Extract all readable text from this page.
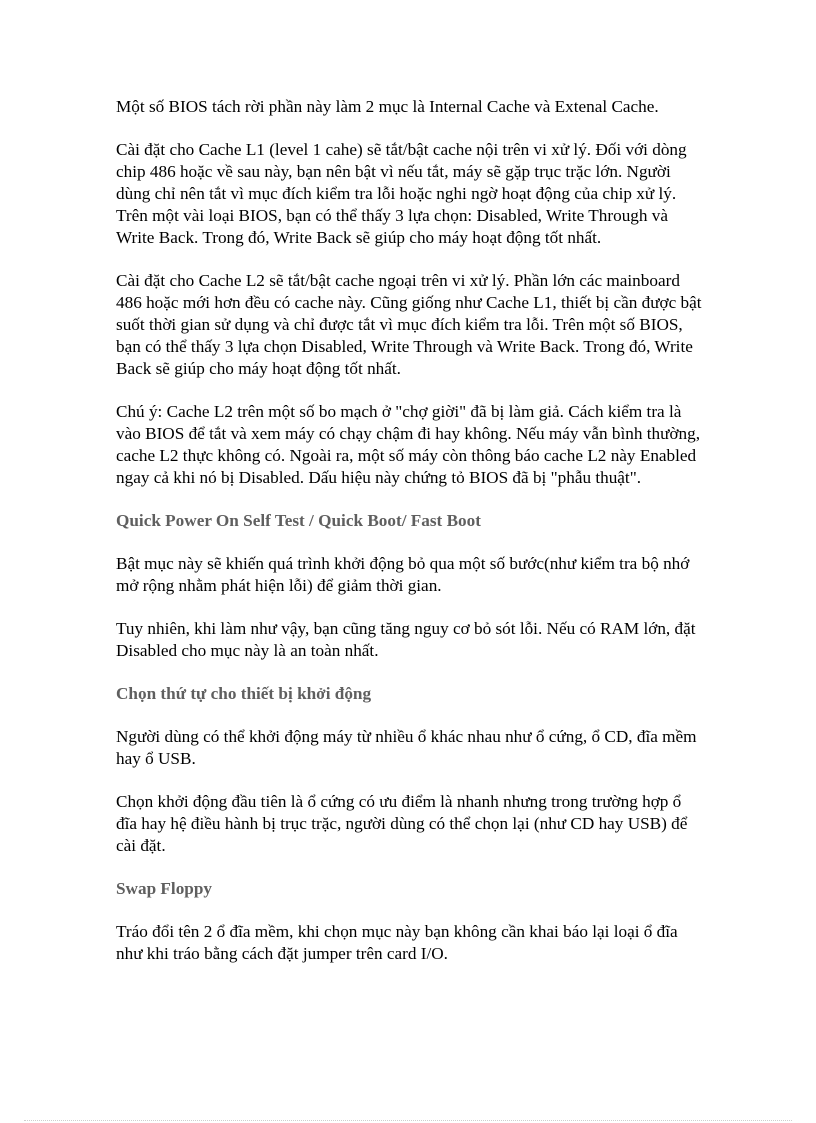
Một số BIOS tách rời phần này làm 2 mục là Internal Cache và Extenal Cache.

Cài đặt cho Cache L1 (level 1 cahe) sẽ tắt/bật cache nội trên vi xử lý. Đối với dòng chip 486 hoặc về sau này, bạn nên bật vì nếu tắt, máy sẽ gặp trục trặc lớn. Người dùng chỉ nên tắt vì mục đích kiểm tra lỗi hoặc nghi ngờ hoạt động của chip xử lý. Trên một vài loại BIOS, bạn có thể thấy 3 lựa chọn: Disabled, Write Through và Write Back. Trong đó, Write Back sẽ giúp cho máy hoạt động tốt nhất.

Cài đặt cho Cache L2 sẽ tắt/bật cache ngoại trên vi xử lý. Phần lớn các mainboard 486 hoặc mới hơn đều có cache này. Cũng giống như Cache L1, thiết bị cần được bật suốt thời gian sử dụng và chỉ được tắt vì mục đích kiểm tra lỗi. Trên một số BIOS, bạn có thể thấy 3 lựa chọn Disabled, Write Through và Write Back. Trong đó, Write Back sẽ giúp cho máy hoạt động tốt nhất.

Chú ý: Cache L2 trên một số bo mạch ở "chợ giời" đã bị làm giả. Cách kiểm tra là vào BIOS để tắt và xem máy có chạy chậm đi hay không. Nếu máy vẫn bình thường, cache L2 thực không có. Ngoài ra, một số máy còn thông báo cache L2 này Enabled ngay cả khi nó bị Disabled. Dấu hiệu này chứng tỏ BIOS đã bị "phẫu thuật".

Quick Power On Self Test / Quick Boot/ Fast Boot

Bật mục này sẽ khiến quá trình khởi động bỏ qua một số bước(như kiểm tra bộ nhớ mở rộng nhằm phát hiện lỗi) để giảm thời gian.

Tuy nhiên, khi làm như vậy, bạn cũng tăng nguy cơ bỏ sót lỗi. Nếu có RAM lớn, đặt Disabled cho mục này là an toàn nhất.

Chọn thứ tự cho thiết bị khởi động

Người dùng có thể khởi động máy từ nhiều ổ khác nhau như ổ cứng, ổ CD, đĩa mềm hay ổ USB.

Chọn khởi động đầu tiên là ổ cứng có ưu điểm là nhanh nhưng trong trường hợp ổ đĩa hay hệ điều hành bị trục trặc, người dùng có thể chọn lại (như CD hay USB) để cài đặt.

Swap Floppy

Tráo đổi tên 2 ổ đĩa mềm, khi chọn mục này bạn không cần khai báo lại loại ổ đĩa như khi tráo bằng cách đặt jumper trên card I/O.
